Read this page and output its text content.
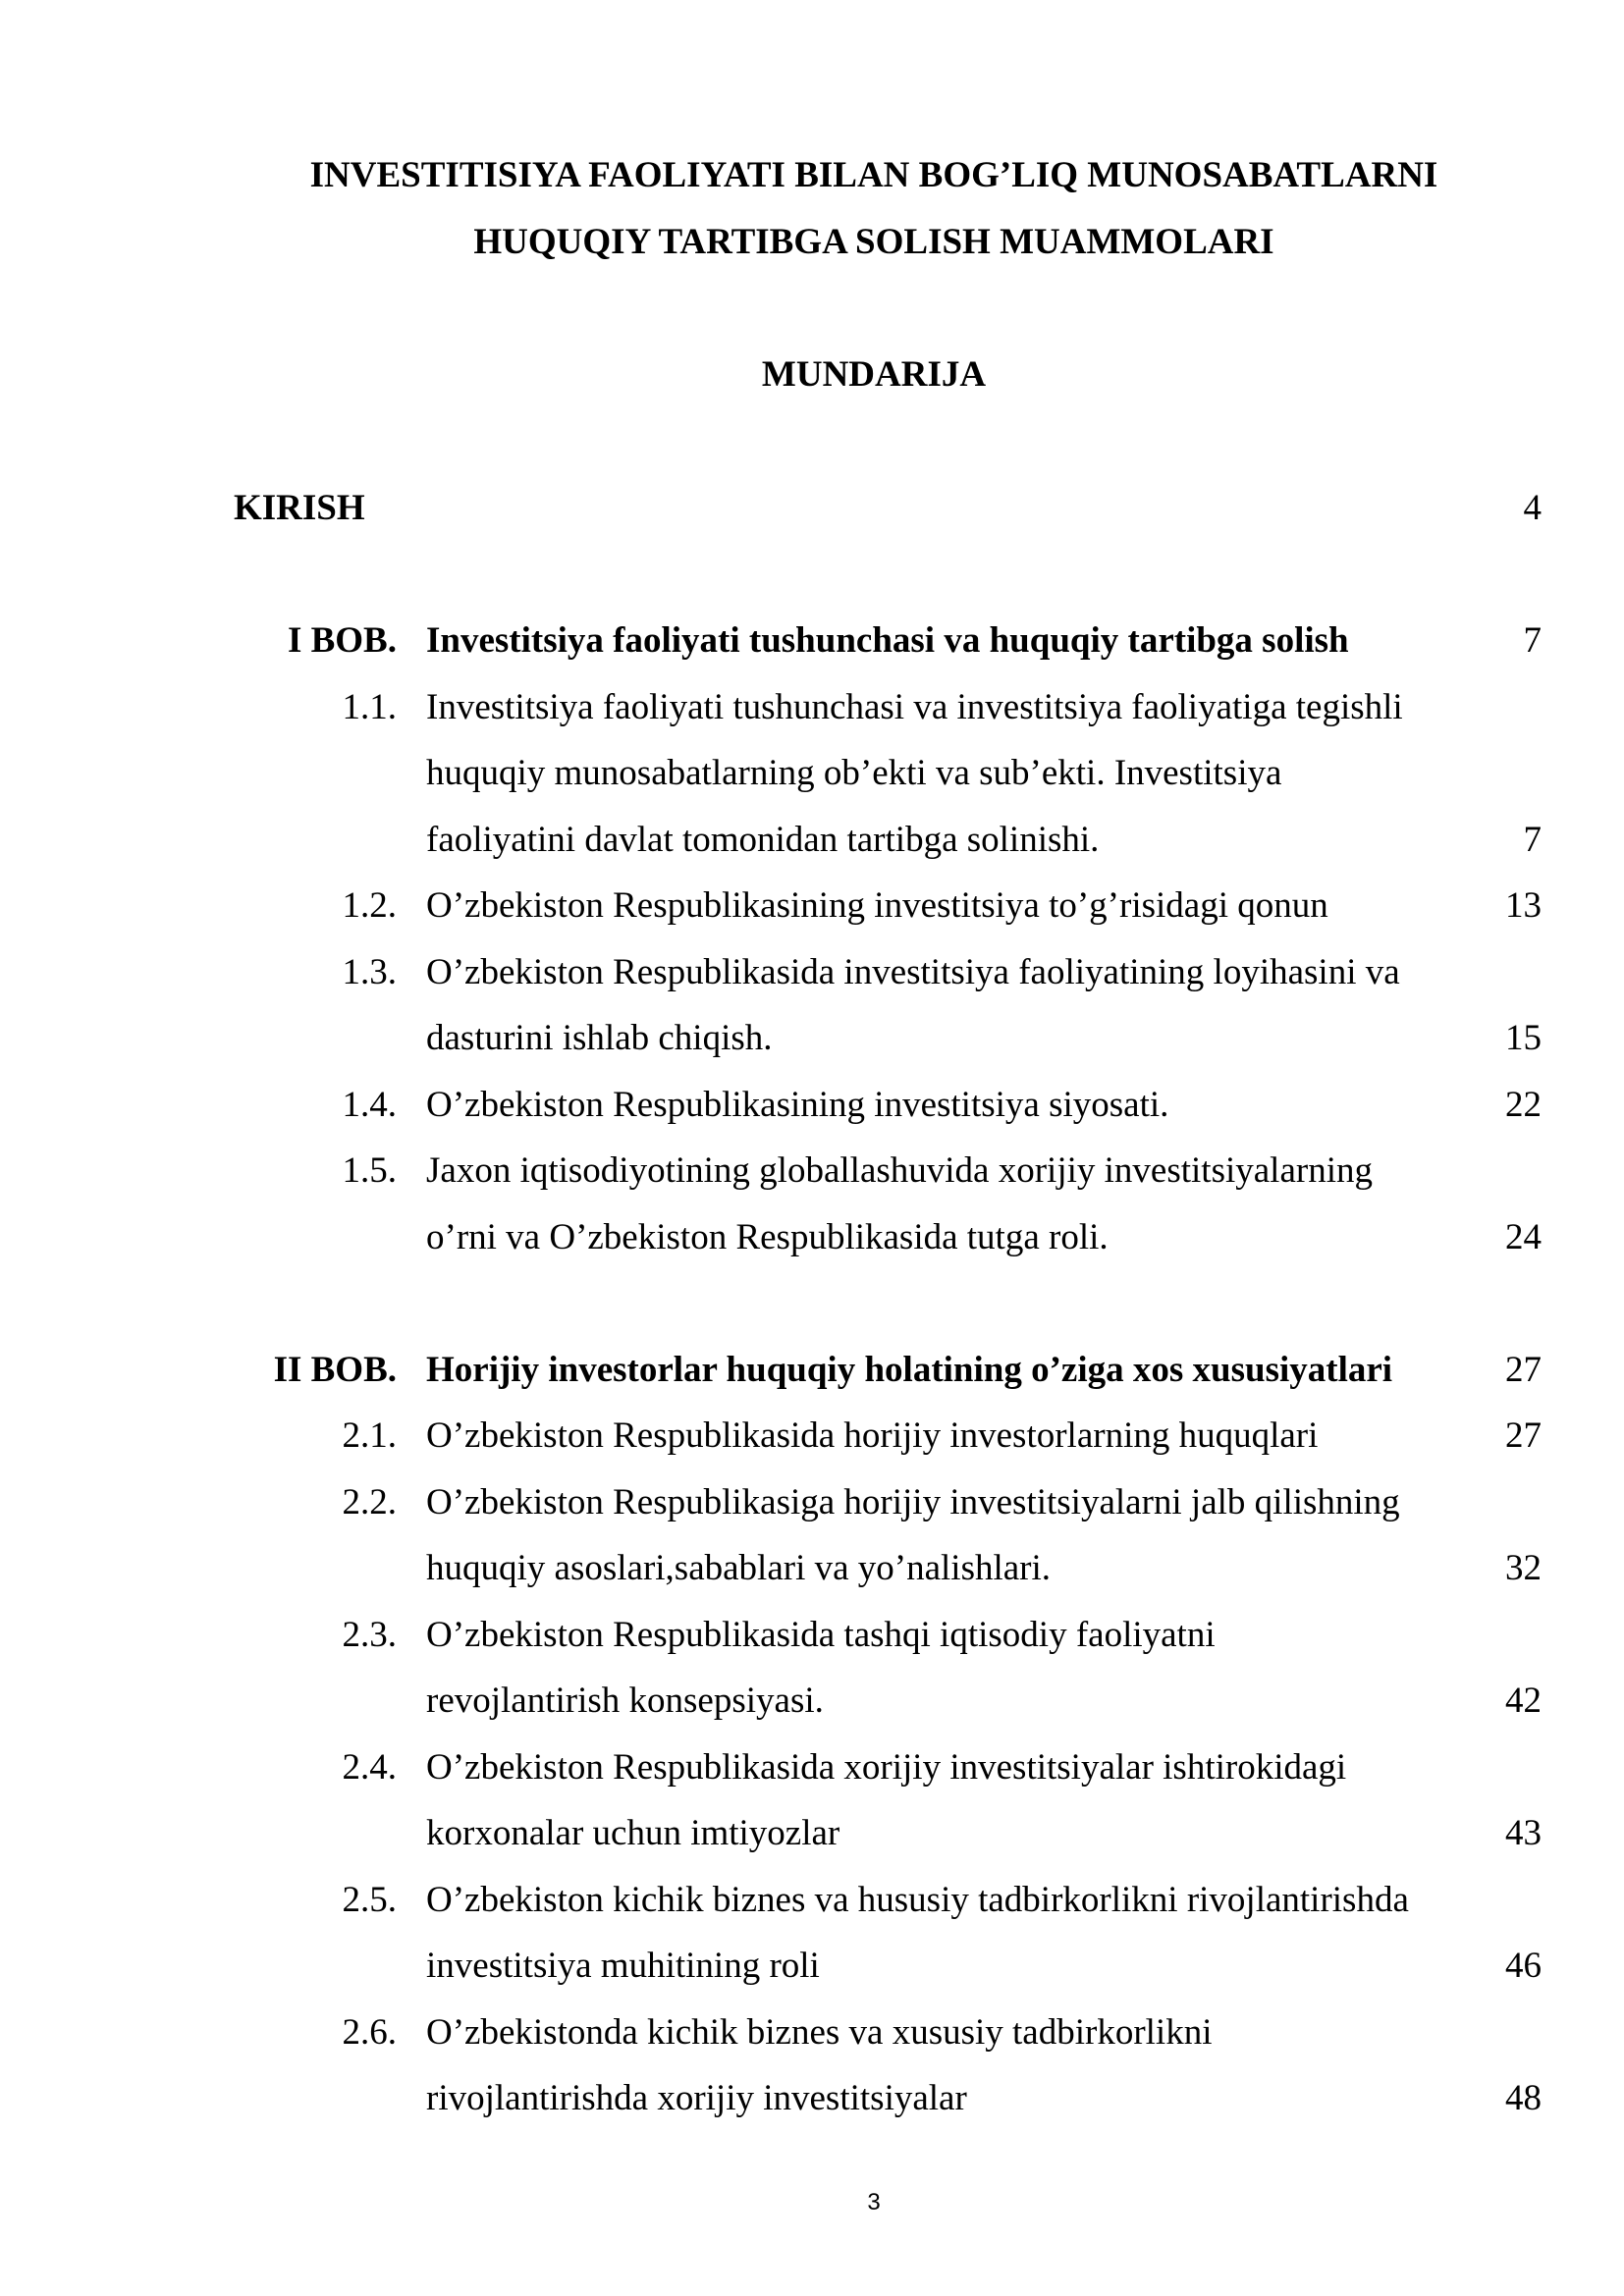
INVESTITISIYA FAOLIYATI BILAN BOG’LIQ MUNOSABATLARNI
HUQUQIY TARTIBGA SOLISH MUAMMOLARI
MUNDARIJA
KIRISH	4
I BOB. Investitsiya faoliyati tushunchasi va huquqiy tartibga solish	7
1.1. Investitsiya faoliyati tushunchasi va investitsiya faoliyatiga tegishli
huquqiy munosabatlarning ob’ekti va sub’ekti. Investitsiya
faoliyatini davlat tomonidan tartibga solinishi.	7
1.2. O’zbekiston Respublikasining investitsiya to’g’risidagi qonun	13
1.3. O’zbekiston Respublikasida investitsiya faoliyatining loyihasini va
dasturini ishlab chiqish.	15
1.4. O’zbekiston Respublikasining investitsiya siyosati.	22
1.5. Jaxon iqtisodiyotining globallashuvida xorijiy investitsiyalarning
o’rni va O’zbekiston Respublikasida tutga roli.	24
II BOB. Horijiy investorlar huquqiy holatining o’ziga xos xususiyatlari	27
2.1. O’zbekiston Respublikasida horijiy investorlarning huquqlari	27
2.2. O’zbekiston Respublikasiga horijiy investitsiyalarni jalb qilishning
huquqiy asoslari,sabablari va yo’nalishlari.	32
2.3. O’zbekiston Respublikasida tashqi iqtisodiy faoliyatni
revojlantirish konsepsiyasi.	42
2.4. O’zbekiston Respublikasida xorijiy investitsiyalar ishtirokidagi
korxonalar uchun imtiyozlar	43
2.5. O’zbekiston kichik biznes va hususiy tadbirkorlikni rivojlantirishda
investitsiya muhitining roli	46
2.6. O’zbekistonda kichik biznes va xususiy tadbirkorlikni
rivojlantirishda xorijiy investitsiyalar	48
3
